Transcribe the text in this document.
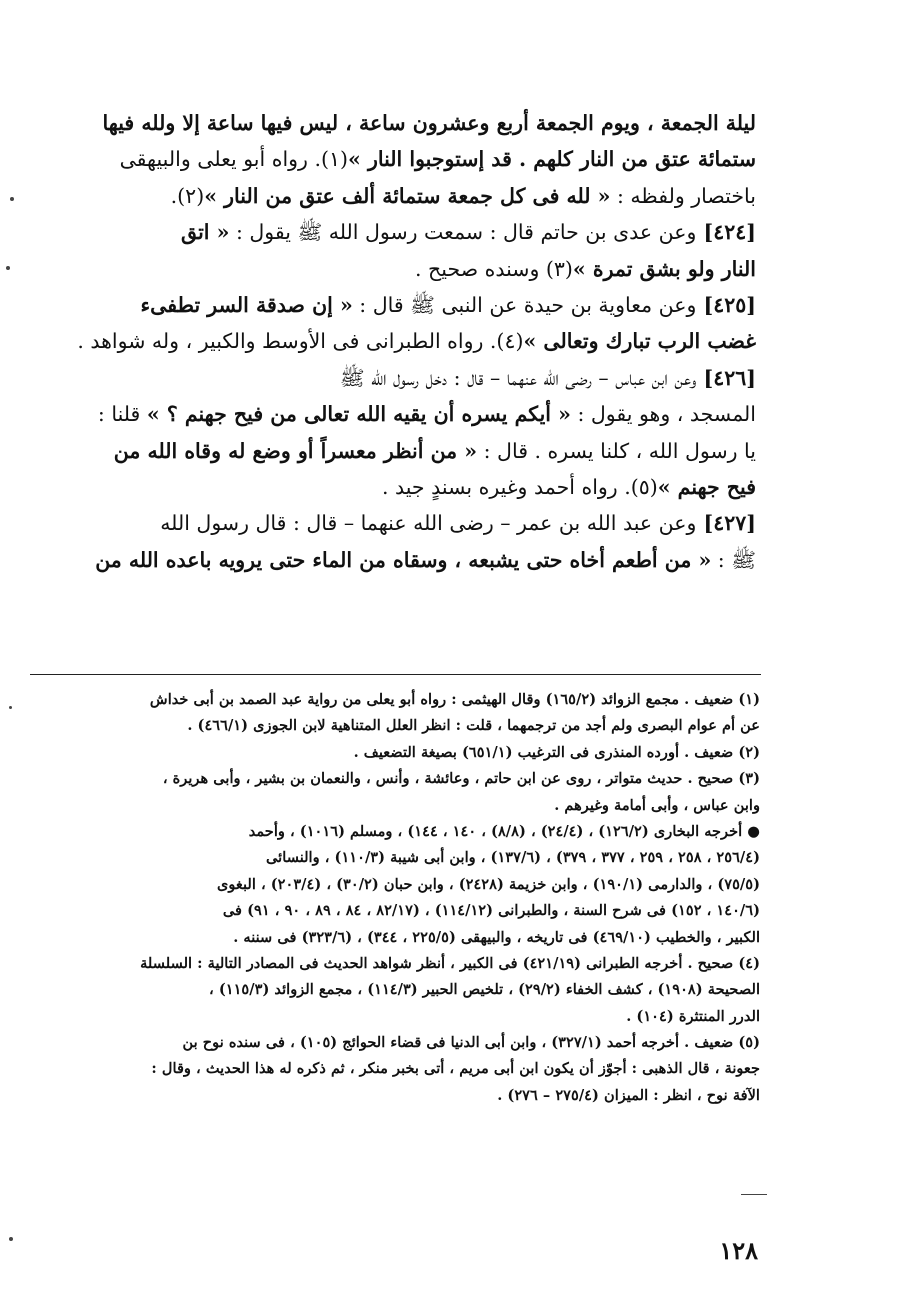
ليلة الجمعة ، ويوم الجمعة أربع وعشرون ساعة ، ليس فيها ساعة إلا ولله فيها
ستمائة عتق من النار كلهم . قد إستوجبوا النار »(١). رواه أبو يعلى والبيهقى
باختصار ولفظه : « لله فى كل جمعة ستمائة ألف عتق من النار »(٢).
[٤٢٤] وعن عدى بن حاتم قال : سمعت رسول الله ﷺ يقول : « اتق
النار ولو بشق تمرة »(٣) وسنده صحيح .
[٤٢٥] وعن معاوية بن حيدة عن النبى ﷺ قال : « إن صدقة السر تطفىء
غضب الرب تبارك وتعالى »(٤). رواه الطبرانى فى الأوسط والكبير ، وله شواهد .
[٤٢٦] وعن ابن عباس – رضى الله عنهما – قال : دخل رسول الله ﷺ
المسجد ، وهو يقول : « أيكم يسره أن يقيه الله تعالى من فيح جهنم ؟ » قلنا :
يا رسول الله ، كلنا يسره . قال : « من أنظر معسراً أو وضع له وقاه الله من
فيح جهنم »(٥). رواه أحمد وغيره بسندٍ جيد .
[٤٢٧] وعن عبد الله بن عمر – رضى الله عنهما – قال : قال رسول الله
ﷺ : « من أطعم أخاه حتى يشبعه ، وسقاه من الماء حتى يرويه باعده الله من
(١) ضعيف . مجمع الزوائد (١٦٥/٢) وقال الهيثمى : رواه أبو يعلى من رواية عبد الصمد بن أبى خداش
عن أم عوام البصرى ولم أجد من ترجمهما ، قلت : انظر العلل المتناهية لابن الجوزى (٤٦٦/١) .
(٢) ضعيف . أورده المنذرى فى الترغيب (٦٥١/١) بصيغة التضعيف .
(٣) صحيح . حديث متواتر ، روى عن ابن حاتم ، وعائشة ، وأنس ، والنعمان بن بشير ، وأبى هريرة ،
وابن عباس ، وأبى أمامة وغيرهم .
● أخرجه البخارى (١٢٦/٢) ، (٢٤/٤) ، (٨/٨) ، ١٤٠ ، ١٤٤) ، ومسلم (١٠١٦) ، وأحمد
(٢٥٦/٤ ، ٢٥٨ ، ٢٥٩ ، ٣٧٧ ، ٣٧٩) ، (١٣٧/٦) ، وابن أبى شيبة (١١٠/٣) ، والنسائى
(٧٥/٥) ، والدارمى (١٩٠/١) ، وابن خزيمة (٢٤٢٨) ، وابن حبان (٣٠/٢) ، (٢٠٣/٤) ، البغوى
(١٤٠/٦ ، ١٥٢) فى شرح السنة ، والطبرانى (١١٤/١٢) ، (٨٢/١٧ ، ٨٤ ، ٨٩ ، ٩٠ ، ٩١) فى
الكبير ، والخطيب (٤٦٩/١٠) فى تاريخه ، والبيهقى (٢٢٥/٥ ، ٣٤٤) ، (٣٢٣/٦) فى سننه .
(٤) صحيح . أخرجه الطبرانى (٤٢١/١٩) فى الكبير ، أنظر شواهد الحديث فى المصادر التالية : السلسلة
الصحيحة (١٩٠٨) ، كشف الخفاء (٢٩/٢) ، تلخيص الحبير (١١٤/٣) ، مجمع الزوائد (١١٥/٣) ،
الدرر المنتثرة (١٠٤) .
(٥) ضعيف . أخرجه أحمد (٣٢٧/١) ، وابن أبى الدنيا فى قضاء الحوائج (١٠٥) ، فى سنده نوح بن
جعونة ، قال الذهبى : أجوّز أن يكون ابن أبى مريم ، أتى بخبر منكر ، ثم ذكره له هذا الحديث ، وقال :
الآفة نوح ، انظر : الميزان (٢٧٥/٤ – ٢٧٦) .
١٢٨
